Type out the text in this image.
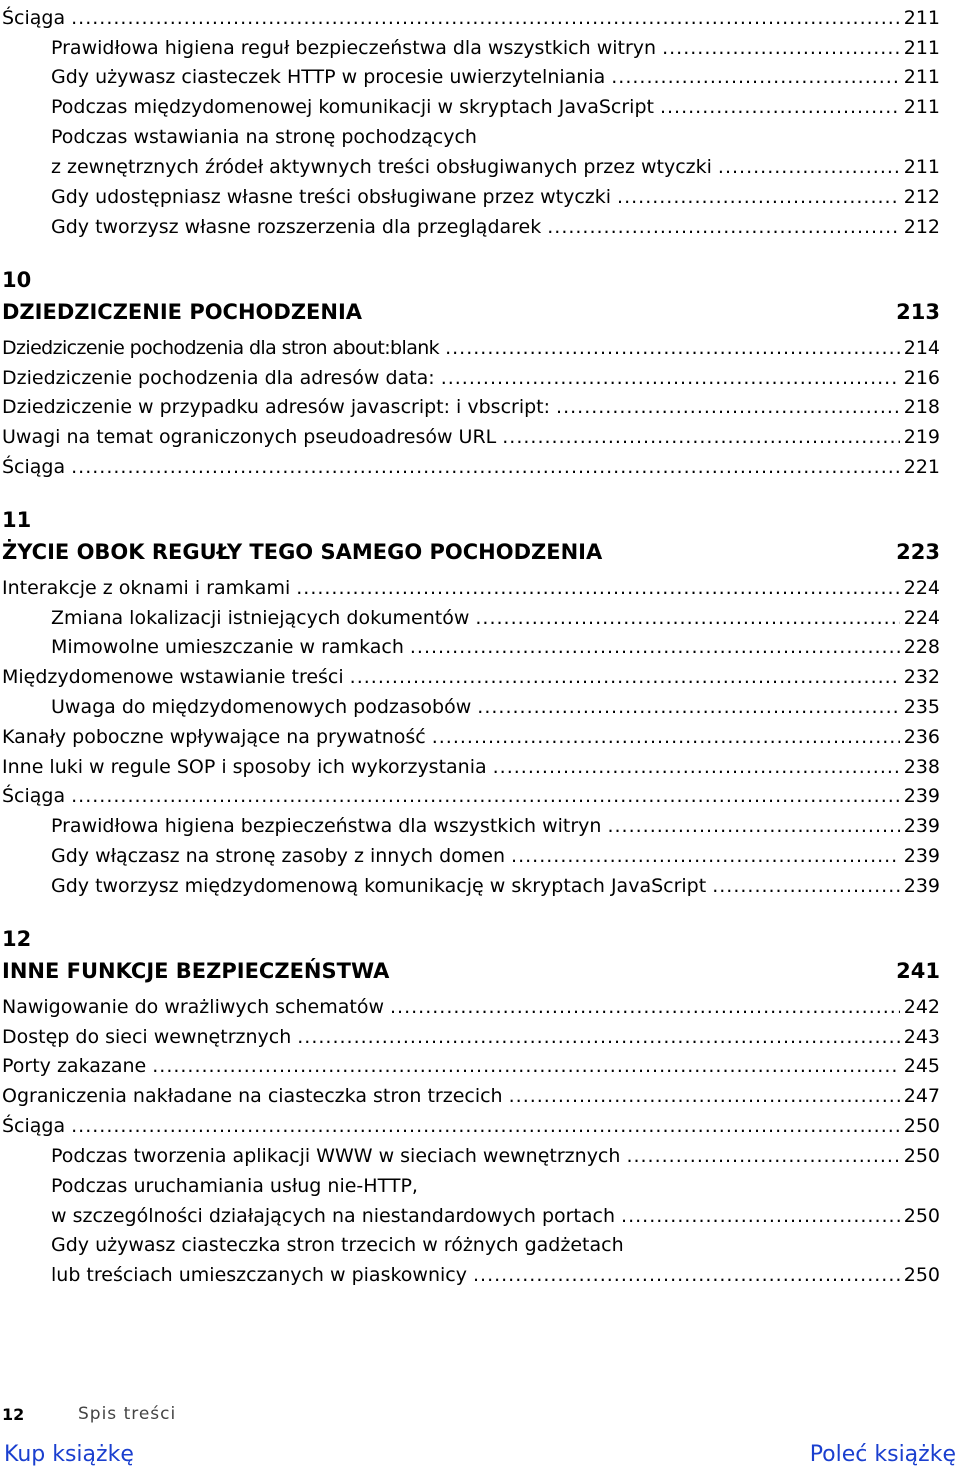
Ściąga .....	211
Prawidłowa higiena reguł bezpieczeństwa dla wszystkich witryn .....	211
Gdy używasz ciasteczek HTTP w procesie uwierzytelniania .....	211
Podczas międzydomenowej komunikacji w skryptach JavaScript .....	211
Podczas wstawiania na stronę pochodzących
z zewnętrznych źródeł aktywnych treści obsługiwanych przez wtyczki .....	211
Gdy udostępniasz własne treści obsługiwane przez wtyczki .....	212
Gdy tworzysz własne rozszerzenia dla przeglądarek .....	212
10
DZIEDZICZENIE POCHODZENIA	213
Dziedziczenie pochodzenia dla stron about:blank .....	214
Dziedziczenie pochodzenia dla adresów data: .....	216
Dziedziczenie w przypadku adresów javascript: i vbscript: .....	218
Uwagi na temat ograniczonych pseudoadresów URL .....	219
Ściąga .....	221
11
ŻYCIE OBOK REGUŁY TEGO SAMEGO POCHODZENIA	223
Interakcje z oknami i ramkami .....	224
Zmiana lokalizacji istniejących dokumentów .....	224
Mimowolne umieszczanie w ramkach .....	228
Międzydomenowe wstawianie treści .....	232
Uwaga do międzydomenowych podzasobów .....	235
Kanały poboczne wpływające na prywatność .....	236
Inne luki w regule SOP i sposoby ich wykorzystania .....	238
Ściąga .....	239
Prawidłowa higiena bezpieczeństwa dla wszystkich witryn .....	239
Gdy włączasz na stronę zasoby z innych domen .....	239
Gdy tworzysz międzydomenową komunikację w skryptach JavaScript .....	239
12
INNE FUNKCJE BEZPIECZEŃSTWA	241
Nawigowanie do wrażliwych schematów .....	242
Dostęp do sieci wewnętrznych .....	243
Porty zakazane .....	245
Ograniczenia nakładane na ciasteczka stron trzecich .....	247
Ściąga .....	250
Podczas tworzenia aplikacji WWW w sieciach wewnętrznych .....	250
Podczas uruchamiania usług nie-HTTP,
w szczególności działających na niestandardowych portach .....	250
Gdy używasz ciasteczka stron trzecich w różnych gadżetach
lub treściach umieszczanych w piaskownicy .....	250
12	Spis treści
Kup książkę	Poleć książkę
